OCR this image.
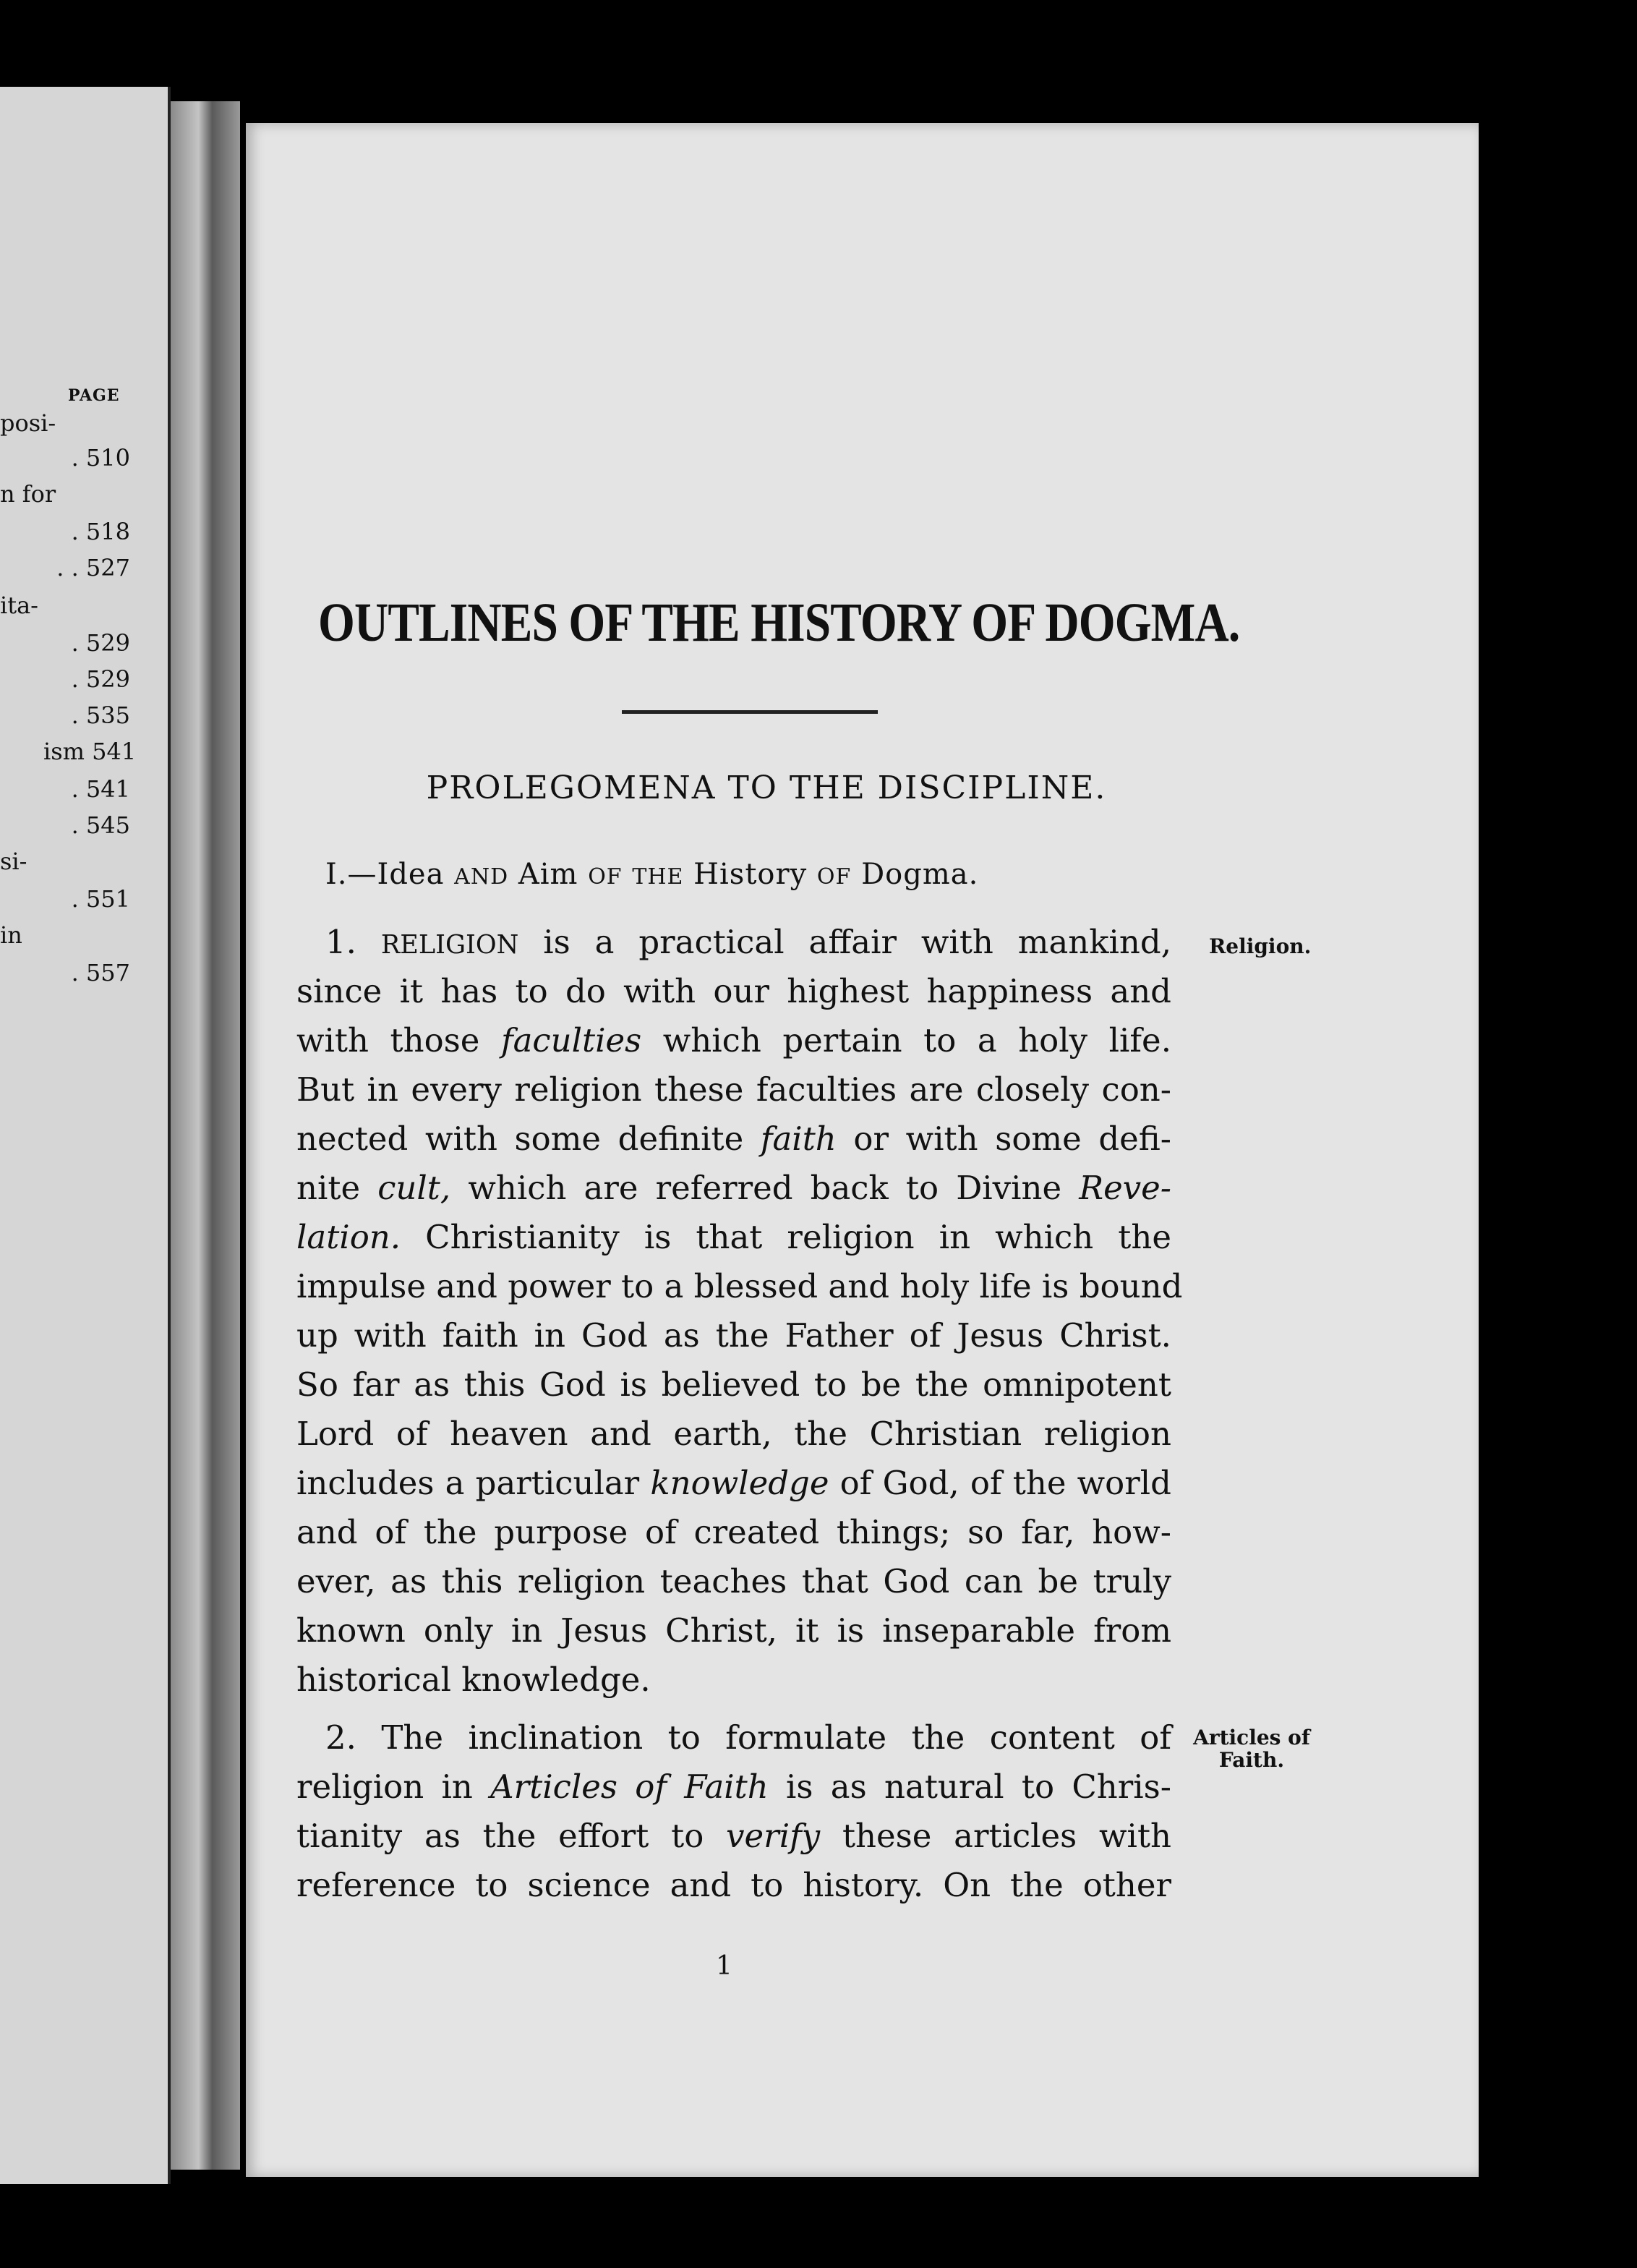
PAGE
posi-
. 510
n for
. 518
. . 527
ita-
. 529
. 529
. 535
ism 541
. 541
. 545
si-
. 551
in
. 557
OUTLINES OF THE HISTORY OF DOGMA.
PROLEGOMENA TO THE DISCIPLINE.
I.—Idea AND Aim OF THE History OF Dogma.
1. RELIGION is a practical affair with mankind,
since it has to do with our highest happiness and
with those faculties which pertain to a holy life.
But in every religion these faculties are closely con-
nected with some definite faith or with some defi-
nite cult, which are referred back to Divine Reve-
lation. Christianity is that religion in which the
impulse and power to a blessed and holy life is bound
up with faith in God as the Father of Jesus Christ.
So far as this God is believed to be the omnipotent
Lord of heaven and earth, the Christian religion
includes a particular knowledge of God, of the world
and of the purpose of created things; so far, how-
ever, as this religion teaches that God can be truly
known only in Jesus Christ, it is inseparable from
historical knowledge.
2. The inclination to formulate the content of
religion in Articles of Faith is as natural to Chris-
tianity as the effort to verify these articles with
reference to science and to history. On the other
Religion.
Articles of
Faith.
1
